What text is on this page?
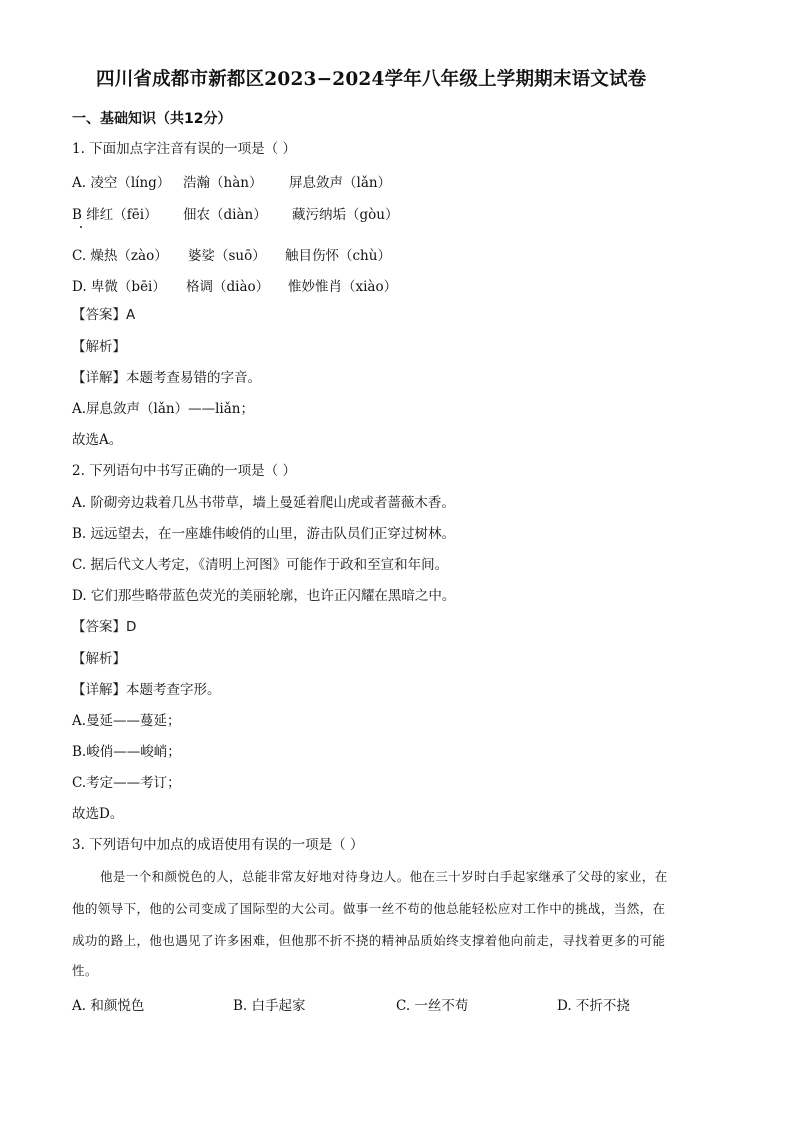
四川省成都市新都区2023−2024学年八年级上学期期末语文试卷
一、基础知识（共12分）
1. 下面加点字注音有误的一项是（ ）
A. 凌空（líng） 浩瀚（hàn） 屏息敛声（lǎn）
B 绯红（fēi） 佃农（diàn） 藏污纳垢（gòu）
C. 燥热（zào） 婆娑（suō） 触目伤怀（chù）
D. 卑微（bēi） 格调（diào） 惟妙惟肖（xiào）
【答案】A
【解析】
【详解】本题考查易错的字音。
A.屏息敛声（lǎn）——liǎn；
故选A。
2. 下列语句中书写正确的一项是（ ）
A. 阶砌旁边栽着几丛书带草，墙上曼延着爬山虎或者蔷薇木香。
B. 远远望去，在一座雄伟峻俏的山里，游击队员们正穿过树林。
C. 据后代文人考定，《清明上河图》可能作于政和至宣和年间。
D. 它们那些略带蓝色荧光的美丽轮廓，也许正闪耀在黑暗之中。
【答案】D
【解析】
【详解】本题考查字形。
A.曼延——蔓延；
B.峻俏——峻峭；
C.考定——考订；
故选D。
3. 下列语句中加点的成语使用有误的一项是（ ）
他是一个和颜悦色的人，总能非常友好地对待身边人。他在三十岁时白手起家继承了父母的家业，在
他的领导下，他的公司变成了国际型的大公司。做事一丝不苟的他总能轻松应对工作中的挑战，当然，在
成功的路上，他也遇见了许多困难，但他那不折不挠的精神品质始终支撑着他向前走，寻找着更多的可能
性。
A. 和颜悦色	B. 白手起家	C. 一丝不苟	D. 不折不挠
